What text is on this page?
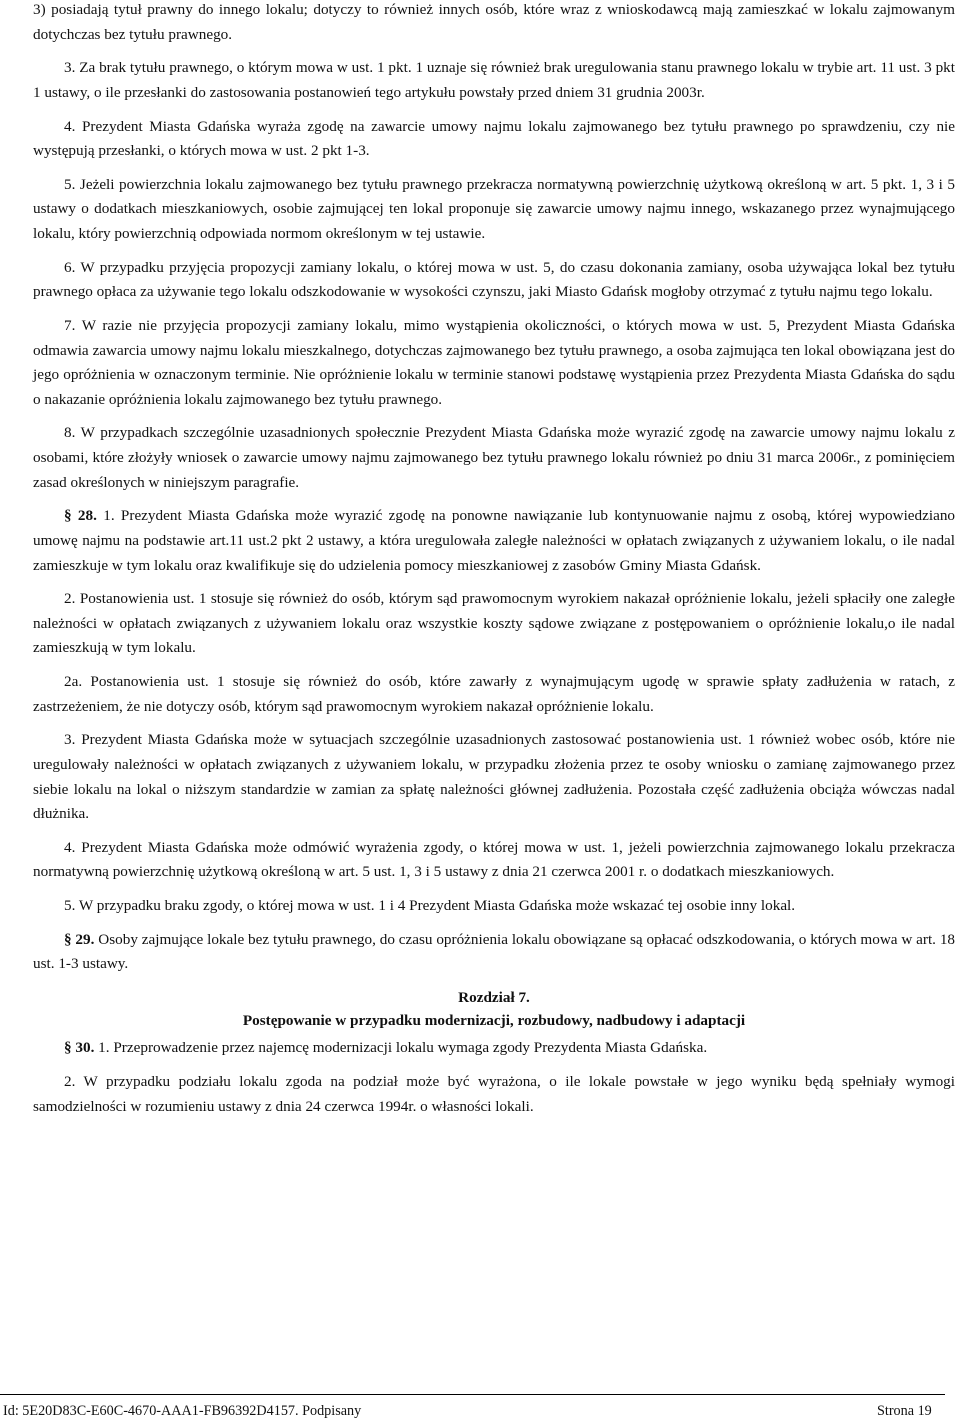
3) posiadają tytuł prawny do innego lokalu; dotyczy to również innych osób, które wraz z wnioskodawcą mają zamieszkać w lokalu zajmowanym dotychczas bez tytułu prawnego.

3. Za brak tytułu prawnego, o którym mowa w ust. 1 pkt. 1 uznaje się również brak uregulowania stanu prawnego lokalu w trybie art. 11 ust. 3 pkt 1 ustawy, o ile przesłanki do zastosowania postanowień tego artykułu powstały przed dniem 31 grudnia 2003r.

4. Prezydent Miasta Gdańska wyraża zgodę na zawarcie umowy najmu lokalu zajmowanego bez tytułu prawnego po sprawdzeniu, czy nie występują przesłanki, o których mowa w ust. 2 pkt 1-3.

5. Jeżeli powierzchnia lokalu zajmowanego bez tytułu prawnego przekracza normatywną powierzchnię użytkową określoną w art. 5 pkt. 1, 3 i 5 ustawy o dodatkach mieszkaniowych, osobie zajmującej ten lokal proponuje się zawarcie umowy najmu innego, wskazanego przez wynajmującego lokalu, który powierzchnią odpowiada normom określonym w tej ustawie.

6. W przypadku przyjęcia propozycji zamiany lokalu, o której mowa w ust. 5, do czasu dokonania zamiany, osoba używająca lokal bez tytułu prawnego opłaca za używanie tego lokalu odszkodowanie w wysokości czynszu, jaki Miasto Gdańsk mogłoby otrzymać z tytułu najmu tego lokalu.

7. W razie nie przyjęcia propozycji zamiany lokalu, mimo wystąpienia okoliczności, o których mowa w ust. 5, Prezydent Miasta Gdańska odmawia zawarcia umowy najmu lokalu mieszkalnego, dotychczas zajmowanego bez tytułu prawnego, a osoba zajmująca ten lokal obowiązana jest do jego opróżnienia w oznaczonym terminie. Nie opróżnienie lokalu w terminie stanowi podstawę wystąpienia przez Prezydenta Miasta Gdańska do sądu o nakazanie opróżnienia lokalu zajmowanego bez tytułu prawnego.

8. W przypadkach szczególnie uzasadnionych społecznie Prezydent Miasta Gdańska może wyrazić zgodę na zawarcie umowy najmu lokalu z osobami, które złożyły wniosek o zawarcie umowy najmu zajmowanego bez tytułu prawnego lokalu również po dniu 31 marca 2006r., z pominięciem zasad określonych w niniejszym paragrafie.

§ 28. 1. Prezydent Miasta Gdańska może wyrazić zgodę na ponowne nawiązanie lub kontynuowanie najmu z osobą, której wypowiedziano umowę najmu na podstawie art.11 ust.2 pkt 2 ustawy, a która uregulowała zaległe należności w opłatach związanych z używaniem lokalu, o ile nadal zamieszkuje w tym lokalu oraz kwalifikuje się do udzielenia pomocy mieszkaniowej z zasobów Gminy Miasta Gdańsk.

2. Postanowienia ust. 1 stosuje się również do osób, którym sąd prawomocnym wyrokiem nakazał opróżnienie lokalu, jeżeli spłaciły one zaległe należności w opłatach związanych z używaniem lokalu oraz wszystkie koszty sądowe związane z postępowaniem o opróżnienie lokalu,o ile nadal zamieszkują w tym lokalu.

2a. Postanowienia ust. 1 stosuje się również do osób, które zawarły z wynajmującym ugodę w sprawie spłaty zadłużenia w ratach, z zastrzeżeniem, że nie dotyczy osób, którym sąd prawomocnym wyrokiem nakazał opróżnienie lokalu.

3. Prezydent Miasta Gdańska może w sytuacjach szczególnie uzasadnionych zastosować postanowienia ust. 1 również wobec osób, które nie uregulowały należności w opłatach związanych z używaniem lokalu, w przypadku złożenia przez te osoby wniosku o zamianę zajmowanego przez siebie lokalu na lokal o niższym standardzie w zamian za spłatę należności głównej zadłużenia. Pozostała część zadłużenia obciąża wówczas nadal dłużnika.

4. Prezydent Miasta Gdańska może odmówić wyrażenia zgody, o której mowa w ust. 1, jeżeli powierzchnia zajmowanego lokalu przekracza normatywną powierzchnię użytkową określoną w art. 5 ust. 1, 3 i 5 ustawy z dnia 21 czerwca 2001 r. o dodatkach mieszkaniowych.

5. W przypadku braku zgody, o której mowa w ust. 1 i 4 Prezydent Miasta Gdańska może wskazać tej osobie inny lokal.

§ 29. Osoby zajmujące lokale bez tytułu prawnego, do czasu opróżnienia lokalu obowiązane są opłacać odszkodowania, o których mowa w art. 18 ust. 1-3 ustawy.

Rozdział 7.
Postępowanie w przypadku modernizacji, rozbudowy, nadbudowy i adaptacji

§ 30. 1. Przeprowadzenie przez najemcę modernizacji lokalu wymaga zgody Prezydenta Miasta Gdańska.

2. W przypadku podziału lokalu zgoda na podział może być wyrażona, o ile lokale powstałe w jego wyniku będą spełniały wymogi samodzielności w rozumieniu ustawy z dnia 24 czerwca 1994r. o własności lokali.

Id: 5E20D83C-E60C-4670-AAA1-FB96392D4157. Podpisany	Strona 19
